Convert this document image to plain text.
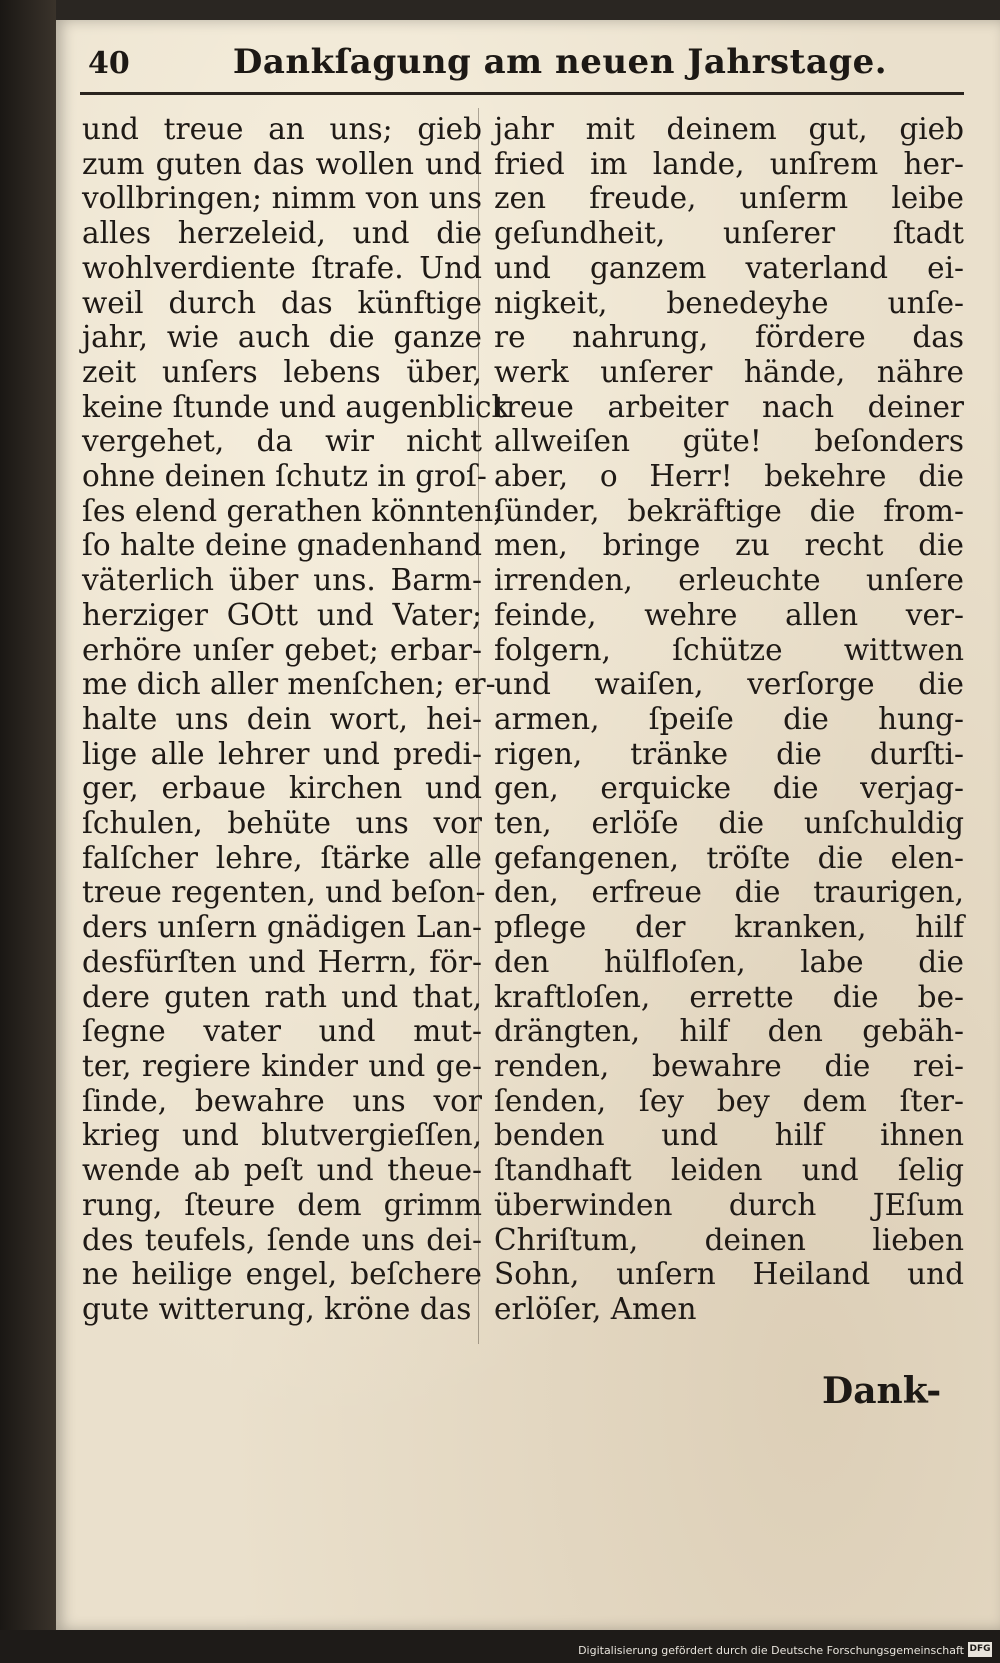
40	Dankſagung am neuen Jahrstage.
und treue an uns; gieb
zum guten das wollen und
vollbringen; nimm von uns
alles herzeleid, und die
wohlverdiente ſtrafe. Und
weil durch das künftige
jahr, wie auch die ganze
zeit unſers lebens über,
keine ſtunde und augenblick
vergehet, da wir nicht
ohne deinen ſchutz in groſ-
ſes elend gerathen könnten;
ſo halte deine gnadenhand
väterlich über uns. Barm-
herziger GOtt und Vater;
erhöre unſer gebet; erbar-
me dich aller menſchen; er-
halte uns dein wort, hei-
lige alle lehrer und predi-
ger, erbaue kirchen und
ſchulen, behüte uns vor
falſcher lehre, ſtärke alle
treue regenten, und beſon-
ders unſern gnädigen Lan-
desfürſten und Herrn, för-
dere guten rath und that,
ſegne vater und mut-
ter, regiere kinder und ge-
ſinde, bewahre uns vor
krieg und blutvergieſſen,
wende ab peſt und theue-
rung, ſteure dem grimm
des teufels, ſende uns dei-
ne heilige engel, beſchere
gute witterung, kröne das
jahr mit deinem gut, gieb
fried im lande, unſrem her-
zen freude, unſerm leibe
geſundheit, unſerer ſtadt
und ganzem vaterland ei-
nigkeit, benedeyhe unſe-
re nahrung, fördere das
werk unſerer hände, nähre
treue arbeiter nach deiner
allweiſen güte! beſonders
aber, o Herr! bekehre die
ſünder, bekräftige die from-
men, bringe zu recht die
irrenden, erleuchte unſere
feinde, wehre allen ver-
folgern, ſchütze wittwen
und waiſen, verſorge die
armen, ſpeiſe die hung-
rigen, tränke die durſti-
gen, erquicke die verjag-
ten, erlöſe die unſchuldig
gefangenen, tröſte die elen-
den, erfreue die traurigen,
pflege der kranken, hilf
den hülfloſen, labe die
kraftloſen, errette die be-
drängten, hilf den gebäh-
renden, bewahre die rei-
ſenden, ſey bey dem ſter-
benden und hilf ihnen
ſtandhaft leiden und ſelig
überwinden durch JEſum
Chriſtum, deinen lieben
Sohn, unſern Heiland und
erlöſer, Amen
Dank-
Digitalisierung gefördert durch die Deutsche Forschungsgemeinschaft DFG
